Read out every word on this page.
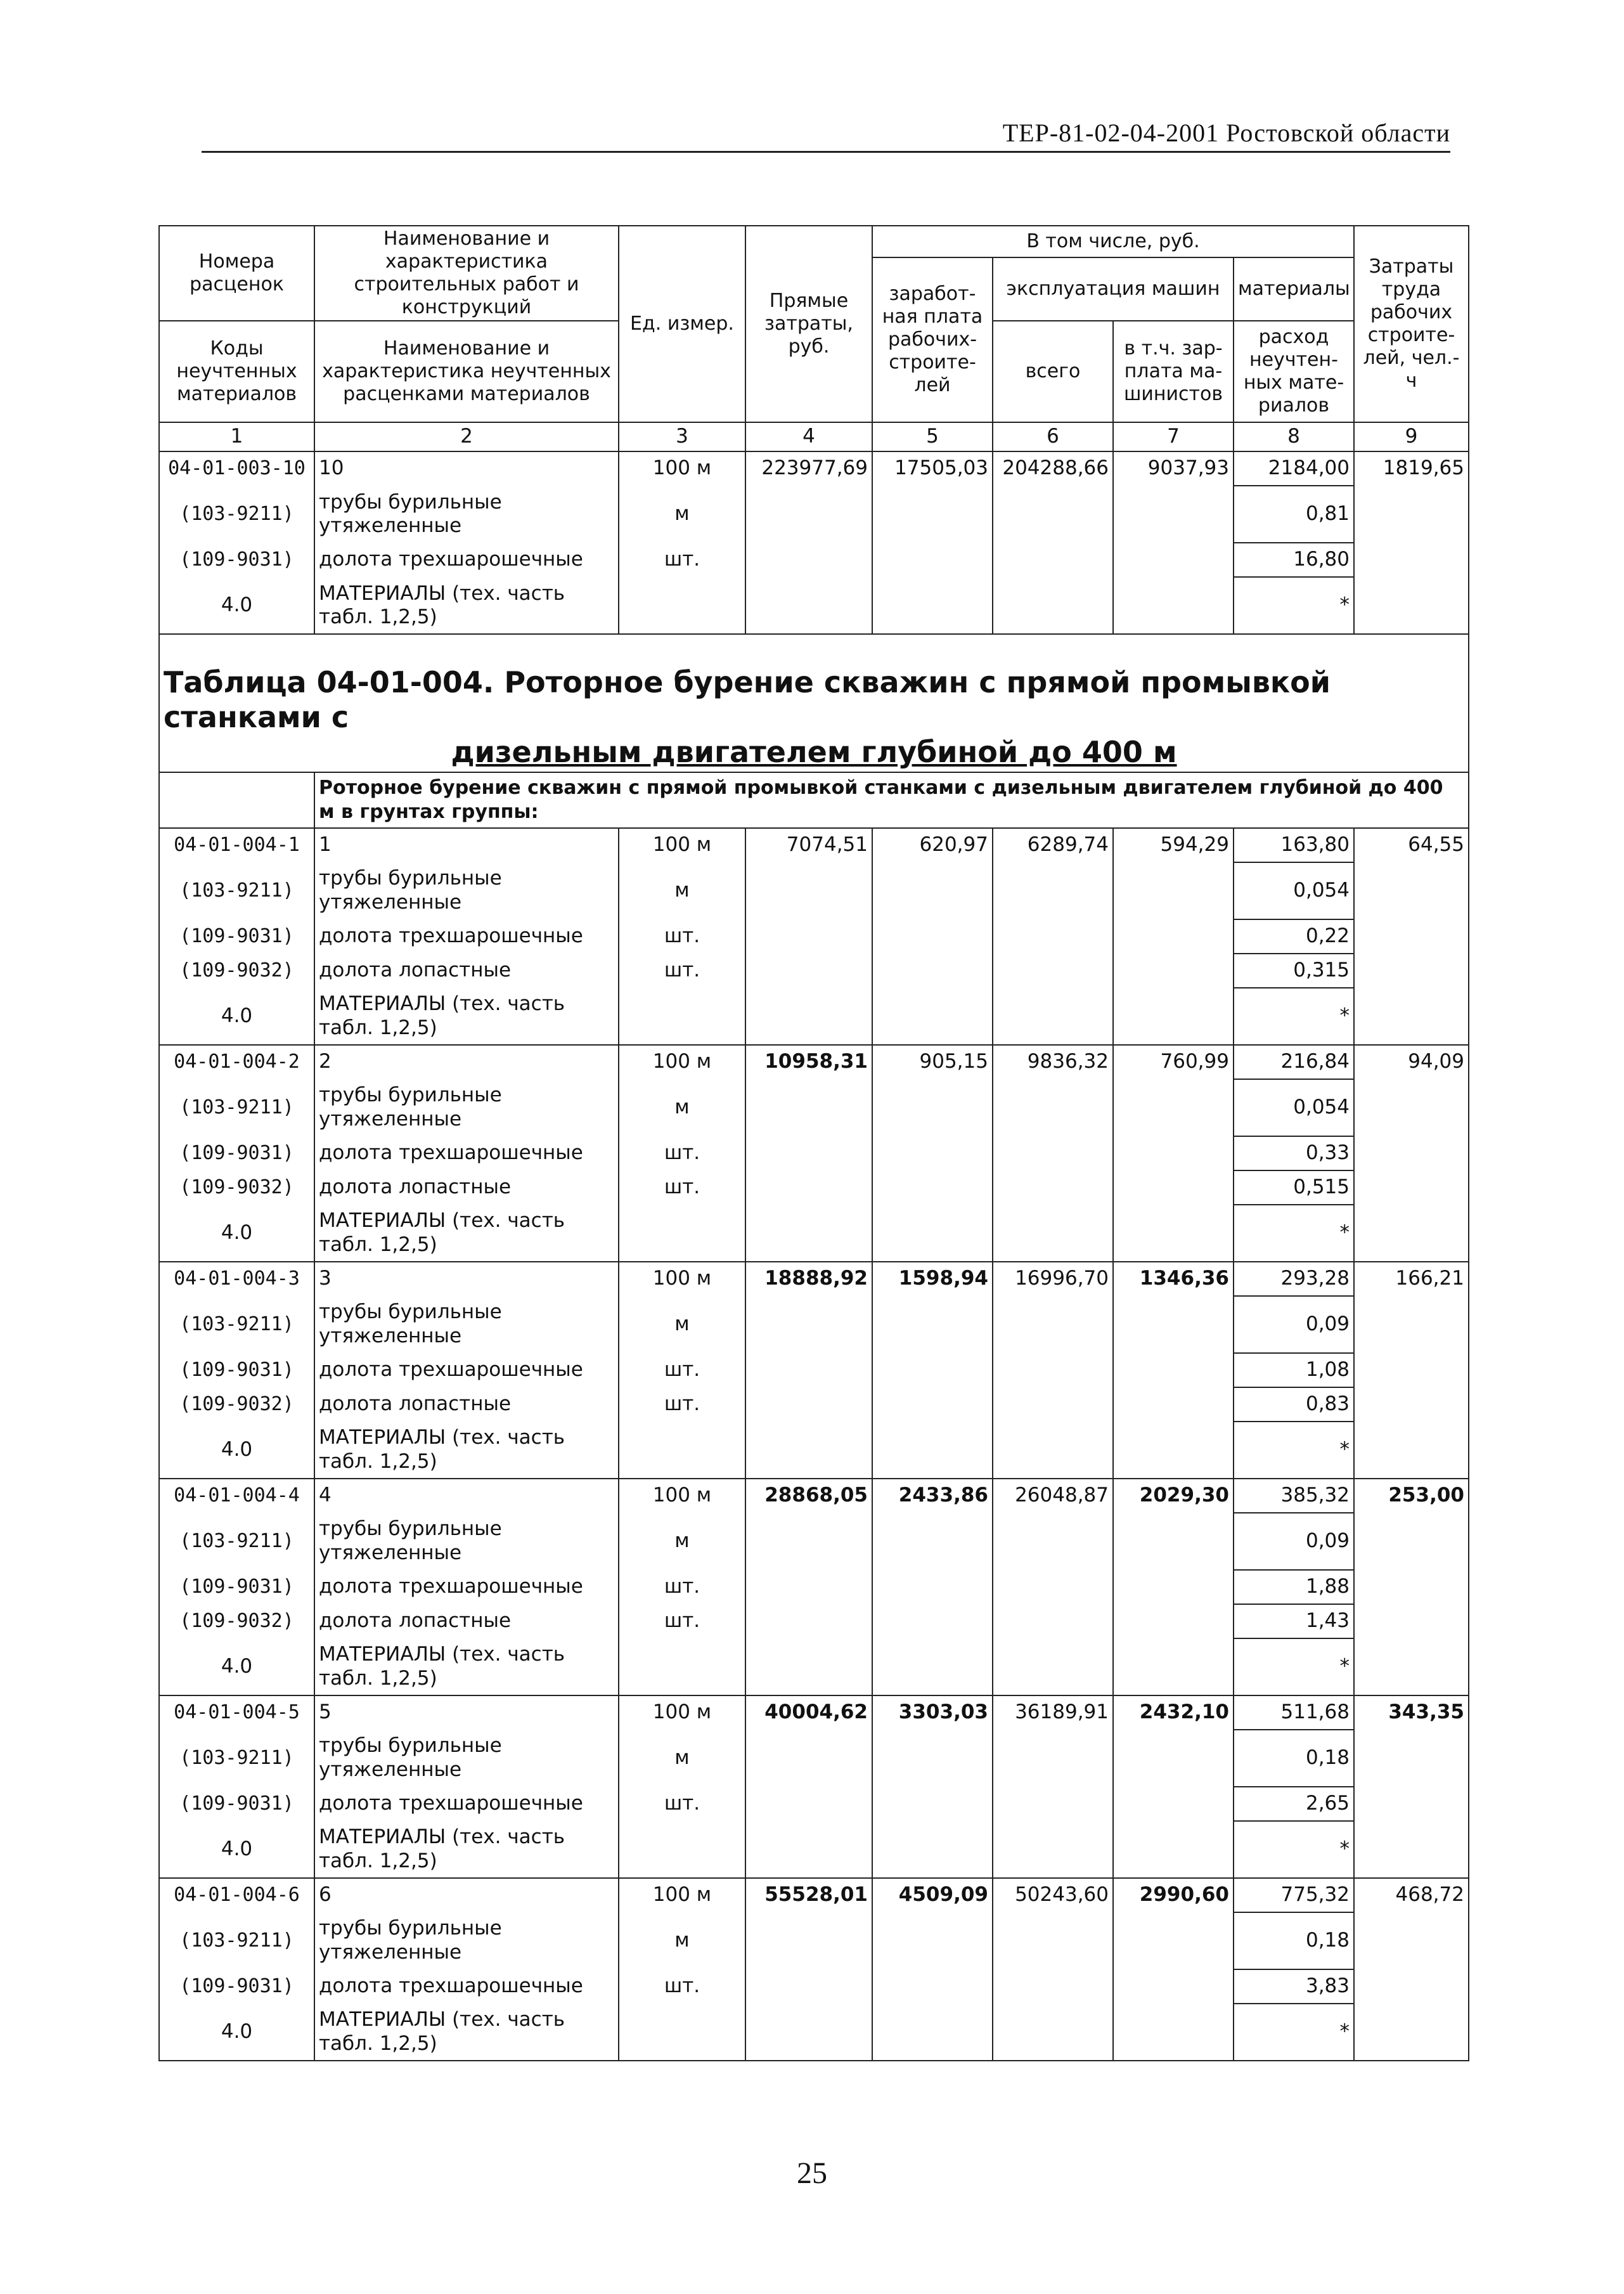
ТЕР-81-02-04-2001 Ростовской области
Номера расценок	Наименование и характеристика строительных работ и конструкций	Ед. измер.	Прямые затраты, руб.	В том числе, руб.				Затраты труда рабочих строите-лей, чел.-ч
				заработ-ная плата рабочих-строите-лей	эксплуатация машин		материалы	
Коды неучтенных материалов	Наименование и характеристика неучтенных расценками материалов				всего	в т.ч. зар-плата ма-шинистов	расход неучтен-ных мате-риалов	

1	2	3	4	5	6	7	8	9
04-01-003-10	10	100 м	223977,69	17505,03	204288,66	9037,93	2184,00	1819,65
(103-9211)	трубы бурильные утяжеленные	м					0,81	
(109-9031)	долота трехшарошечные	шт.					16,80	
4.0	МАТЕРИАЛЫ (тех. часть табл. 1,2,5)						*	

Таблица 04-01-004. Роторное бурение скважин с прямой промывкой станками с
дизельным двигателем глубиной до 400 м								

	Роторное бурение скважин с прямой промывкой станками с дизельным двигателем глубиной до 400 м в грунтах группы:							
04-01-004-1	1	100 м	7074,51	620,97	6289,74	594,29	163,80	64,55
(103-9211)	трубы бурильные утяжеленные	м					0,054	
(109-9031)	долота трехшарошечные	шт.					0,22	
(109-9032)	долота лопастные	шт.					0,315	
4.0	МАТЕРИАЛЫ (тех. часть табл. 1,2,5)						*	
04-01-004-2	2	100 м	10958,31	905,15	9836,32	760,99	216,84	94,09
(103-9211)	трубы бурильные утяжеленные	м					0,054	
(109-9031)	долота трехшарошечные	шт.					0,33	
(109-9032)	долота лопастные	шт.					0,515	
4.0	МАТЕРИАЛЫ (тех. часть табл. 1,2,5)						*	
04-01-004-3	3	100 м	18888,92	1598,94	16996,70	1346,36	293,28	166,21
(103-9211)	трубы бурильные утяжеленные	м					0,09	
(109-9031)	долота трехшарошечные	шт.					1,08	
(109-9032)	долота лопастные	шт.					0,83	
4.0	МАТЕРИАЛЫ (тех. часть табл. 1,2,5)						*	
04-01-004-4	4	100 м	28868,05	2433,86	26048,87	2029,30	385,32	253,00
(103-9211)	трубы бурильные утяжеленные	м					0,09	
(109-9031)	долота трехшарошечные	шт.					1,88	
(109-9032)	долота лопастные	шт.					1,43	
4.0	МАТЕРИАЛЫ (тех. часть табл. 1,2,5)						*	
04-01-004-5	5	100 м	40004,62	3303,03	36189,91	2432,10	511,68	343,35
(103-9211)	трубы бурильные утяжеленные	м					0,18	
(109-9031)	долота трехшарошечные	шт.					2,65	
4.0	МАТЕРИАЛЫ (тех. часть табл. 1,2,5)						*	
04-01-004-6	6	100 м	55528,01	4509,09	50243,60	2990,60	775,32	468,72
(103-9211)	трубы бурильные утяжеленные	м					0,18	
(109-9031)	долота трехшарошечные	шт.					3,83	
4.0	МАТЕРИАЛЫ (тех. часть табл. 1,2,5)						*	
25
